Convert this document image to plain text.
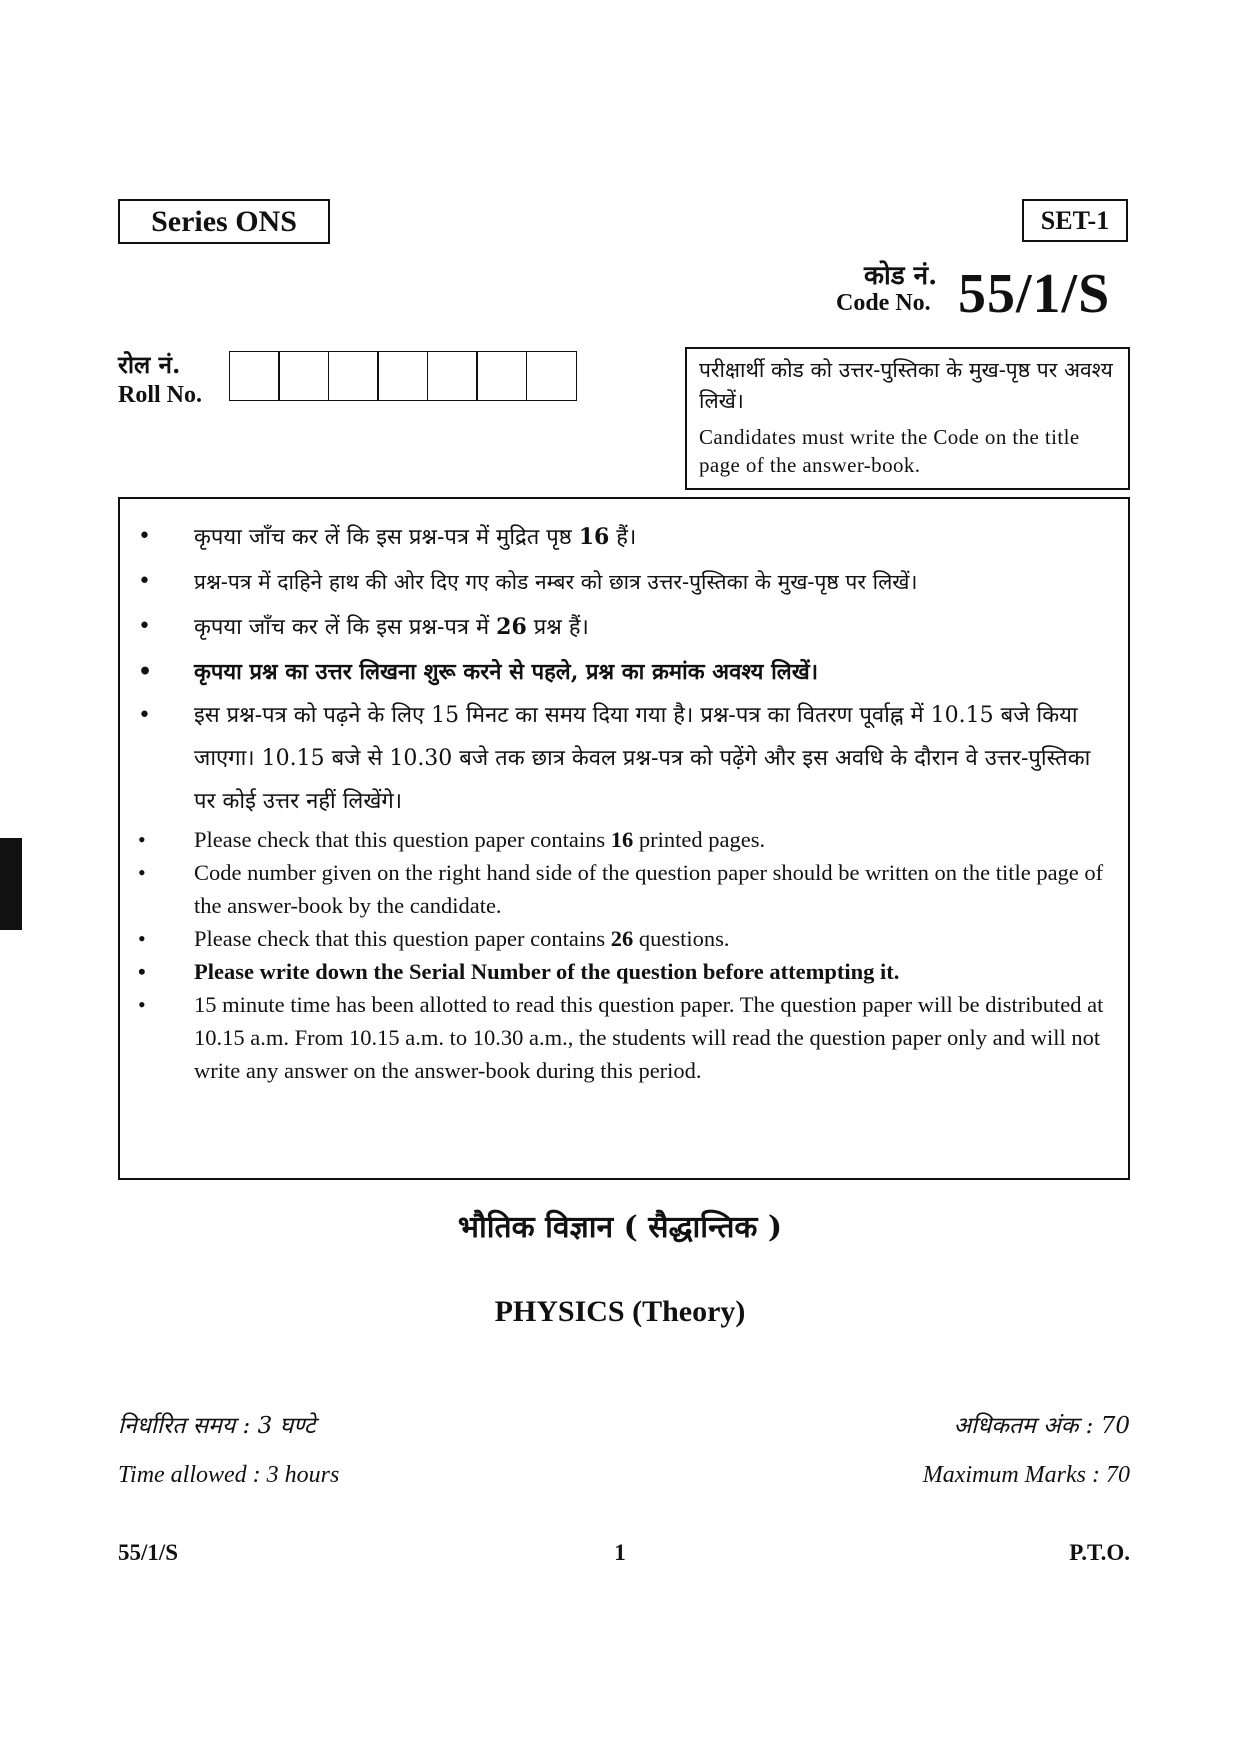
Series ONS	SET-1
कोड नं.
Code No. 55/1/S
रोल नं.
Roll No.
परीक्षार्थी कोड को उत्तर-पुस्तिका के मुख-पृष्ठ पर अवश्य लिखें।
Candidates must write the Code on the title page of the answer-book.
• कृपया जाँच कर लें कि इस प्रश्न-पत्र में मुद्रित पृष्ठ 16 हैं।
• प्रश्न-पत्र में दाहिने हाथ की ओर दिए गए कोड नम्बर को छात्र उत्तर-पुस्तिका के मुख-पृष्ठ पर लिखें।
• कृपया जाँच कर लें कि इस प्रश्न-पत्र में 26 प्रश्न हैं।
• कृपया प्रश्न का उत्तर लिखना शुरू करने से पहले, प्रश्न का क्रमांक अवश्य लिखें।
• इस प्रश्न-पत्र को पढ़ने के लिए 15 मिनट का समय दिया गया है। प्रश्न-पत्र का वितरण पूर्वाह्न में 10.15 बजे किया जाएगा। 10.15 बजे से 10.30 बजे तक छात्र केवल प्रश्न-पत्र को पढ़ेंगे और इस अवधि के दौरान वे उत्तर-पुस्तिका पर कोई उत्तर नहीं लिखेंगे।
• Please check that this question paper contains 16 printed pages.
• Code number given on the right hand side of the question paper should be written on the title page of the answer-book by the candidate.
• Please check that this question paper contains 26 questions.
• Please write down the Serial Number of the question before attempting it.
• 15 minute time has been allotted to read this question paper. The question paper will be distributed at 10.15 a.m. From 10.15 a.m. to 10.30 a.m., the students will read the question paper only and will not write any answer on the answer-book during this period.
भौतिक विज्ञान ( सैद्धान्तिक )
PHYSICS (Theory)
निर्धारित समय : 3 घण्टे	अधिकतम अंक : 70
Time allowed : 3 hours	Maximum Marks : 70
55/1/S	1	P.T.O.
